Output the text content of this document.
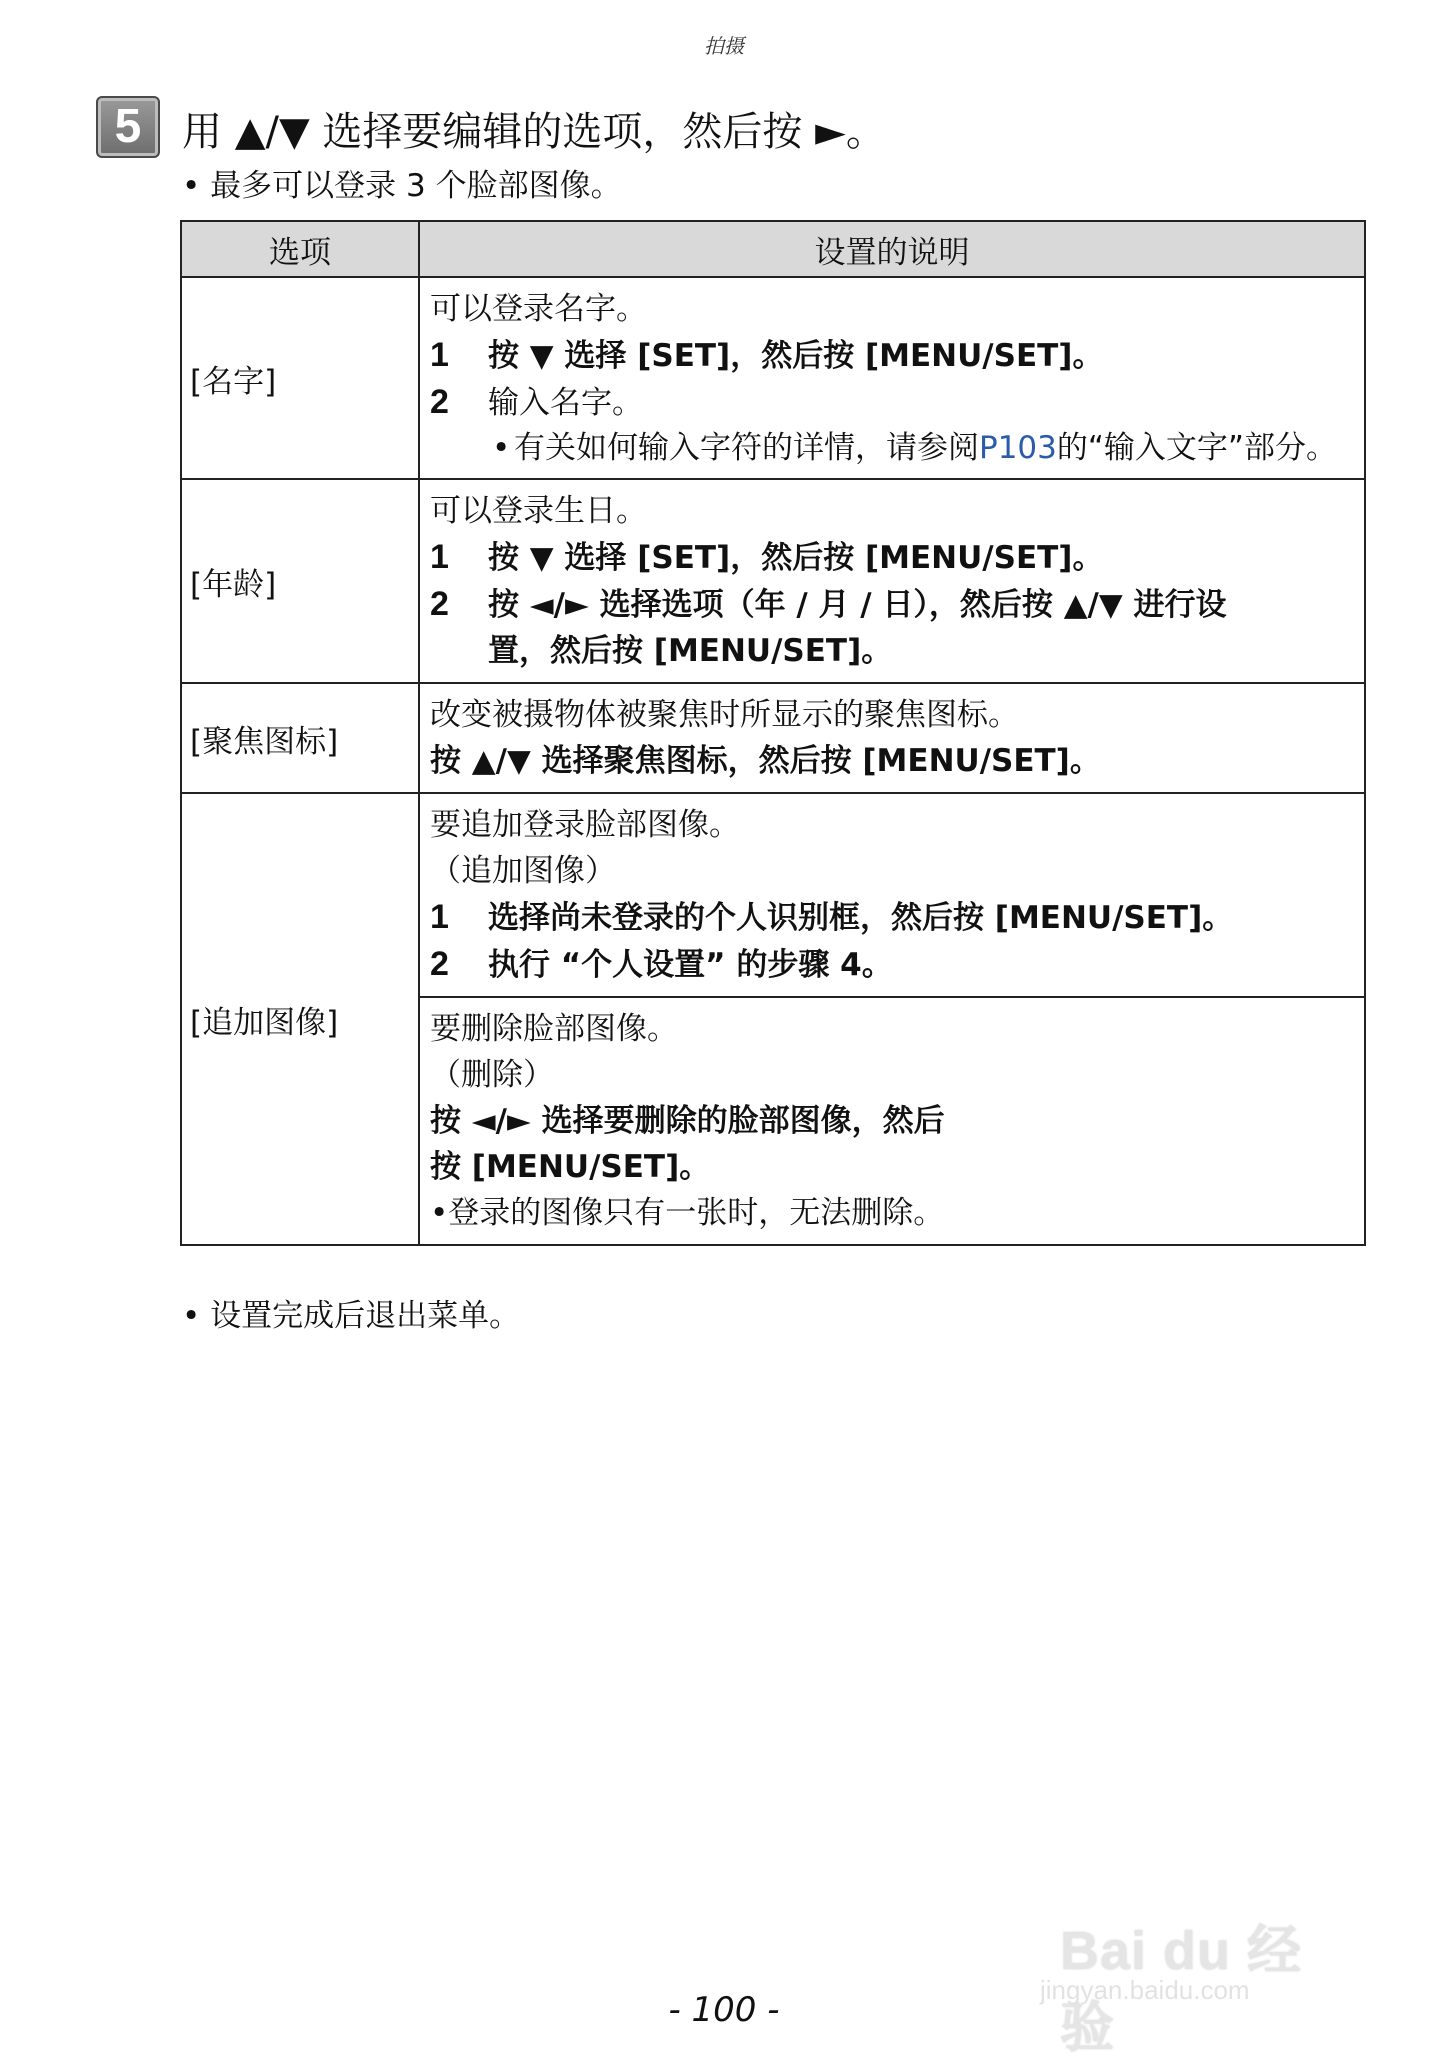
拍摄
5	用 ▲/▼ 选择要编辑的选项，然后按 ►。
• 最多可以登录 3 个脸部图像。
选项	设置的说明
[名字]	可以登录名字。
1 按 ▼ 选择 [SET]，然后按 [MENU/SET]。
2 输入名字。
• 有关如何输入字符的详情，请参阅P103的“输入文字”部分。

[年龄]	可以登录生日。
1 按 ▼ 选择 [SET]，然后按 [MENU/SET]。
2 按 ◄/► 选择选项（年 / 月 / 日），然后按 ▲/▼ 进行设
置，然后按 [MENU/SET]。

[聚焦图标]	改变被摄物体被聚焦时所显示的聚焦图标。
按 ▲/▼ 选择聚焦图标，然后按 [MENU/SET]。

[追加图像]	要追加登录脸部图像。
（追加图像）
1 选择尚未登录的个人识别框，然后按 [MENU/SET]。
2 执行 “个人设置” 的步骤 4。

	要删除脸部图像。
（删除）
按 ◄/► 选择要删除的脸部图像，然后
按 [MENU/SET]。
•登录的图像只有一张时，无法删除。
• 设置完成后退出菜单。
Bai du 经验
jingyan.baidu.com
- 100 -
